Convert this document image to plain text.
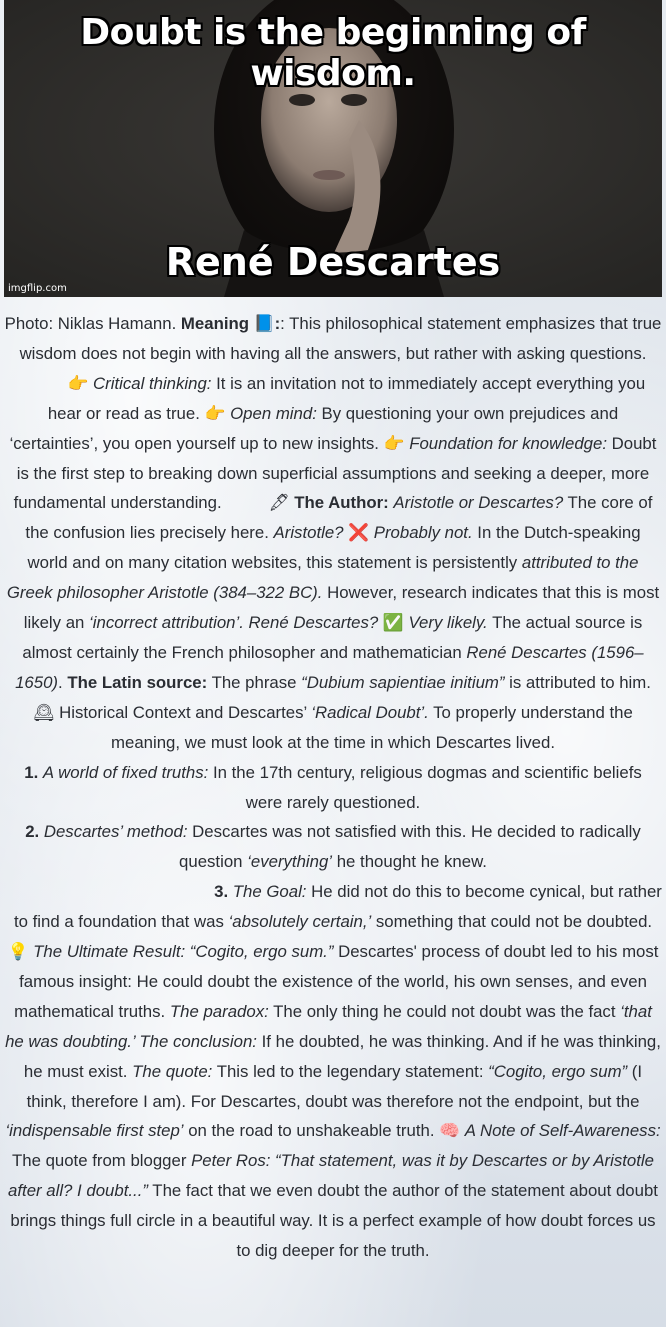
Doubt is the beginning of wisdom.
René Descartes
imgflip.com

Photo: Niklas Hamann. Meaning 📘:: This philosophical statement emphasizes that true wisdom does not begin with having all the answers, but rather with asking questions. 👉 Critical thinking: It is an invitation not to immediately accept everything you hear or read as true. 👉 Open mind: By questioning your own prejudices and ‘certainties’, you open yourself up to new insights. 👉 Foundation for knowledge: Doubt is the first step to breaking down superficial assumptions and seeking a deeper, more fundamental understanding.	🖋 The Author: Aristotle or Descartes? The core of the confusion lies precisely here. Aristotle? ❌ Probably not. In the Dutch-speaking world and on many citation websites, this statement is persistently attributed to the Greek philosopher Aristotle (384–322 BC). However, research indicates that this is most likely an ‘incorrect attribution’. René Descartes? ✅ Very likely. The actual source is almost certainly the French philosopher and mathematician René Descartes (1596–1650). The Latin source: The phrase “Dubium sapientiae initium” is attributed to him. 🕰 Historical Context and Descartes’ ‘Radical Doubt’. To properly understand the meaning, we must look at the time in which Descartes lived.

1. A world of fixed truths: In the 17th century, religious dogmas and scientific beliefs were rarely questioned.

2. Descartes’ method: Descartes was not satisfied with this. He decided to radically question ‘everything’ he thought he knew.

3. The Goal: He did not do this to become cynical, but rather to find a foundation that was ‘absolutely certain,’ something that could not be doubted.💡 The Ultimate Result: “Cogito, ergo sum.” Descartes' process of doubt led to his most famous insight: He could doubt the existence of the world, his own senses, and even mathematical truths. The paradox: The only thing he could not doubt was the fact ‘that he was doubting.’ The conclusion: If he doubted, he was thinking. And if he was thinking, he must exist. The quote: This led to the legendary statement: “Cogito, ergo sum” (I think, therefore I am). For Descartes, doubt was therefore not the endpoint, but the ‘indispensable first step’ on the road to unshakeable truth. 🧠 A Note of Self-Awareness: The quote from blogger Peter Ros: “That statement, was it by Descartes or by Aristotle after all? I doubt...” The fact that we even doubt the author of the statement about doubt brings things full circle in a beautiful way. It is a perfect example of how doubt forces us to dig deeper for the truth.
